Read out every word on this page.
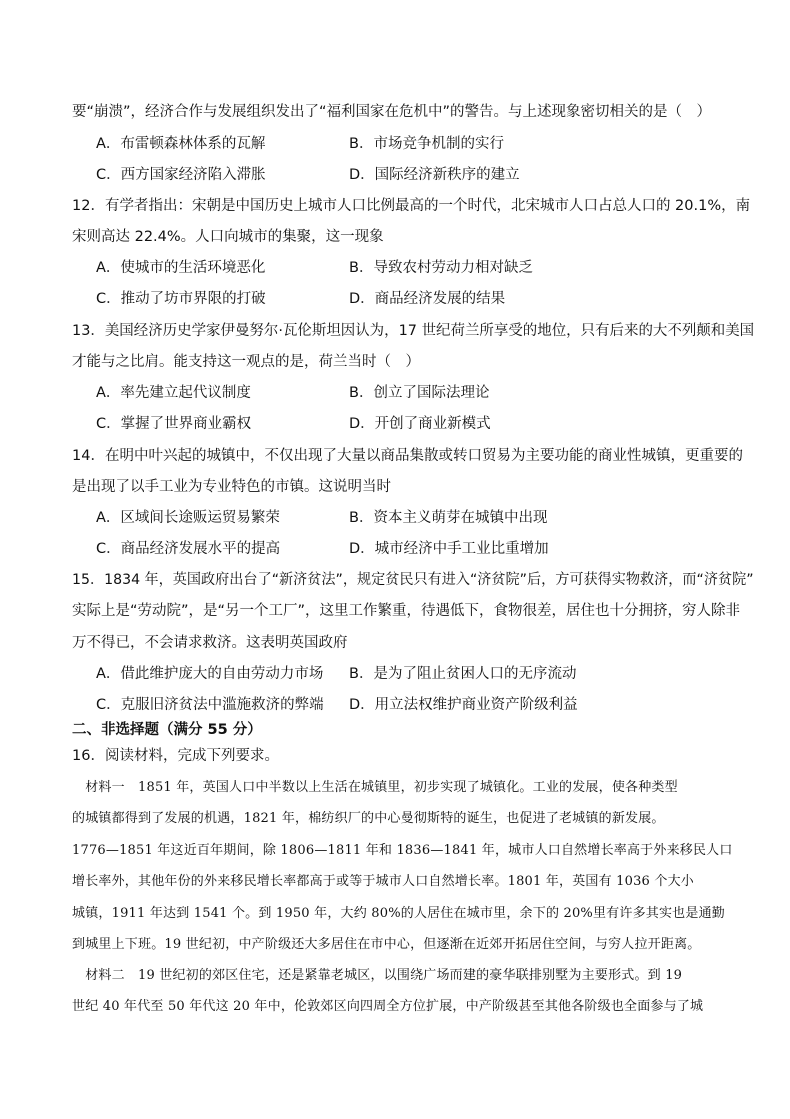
要“崩溃”，经济合作与发展组织发出了“福利国家在危机中”的警告。与上述现象密切相关的是（　）
A．布雷顿森林体系的瓦解	B．市场竞争机制的实行
C．西方国家经济陷入滞胀	D．国际经济新秩序的建立
12．有学者指出：宋朝是中国历史上城市人口比例最高的一个时代，北宋城市人口占总人口的 20.1%，南
宋则高达 22.4%。人口向城市的集聚，这一现象
A．使城市的生活环境恶化	B．导致农村劳动力相对缺乏
C．推动了坊市界限的打破	D．商品经济发展的结果
13．美国经济历史学家伊曼努尔·瓦伦斯坦因认为，17 世纪荷兰所享受的地位，只有后来的大不列颠和美国
才能与之比肩。能支持这一观点的是，荷兰当时（　）
A．率先建立起代议制度	B．创立了国际法理论
C．掌握了世界商业霸权	D．开创了商业新模式
14．在明中叶兴起的城镇中，不仅出现了大量以商品集散或转口贸易为主要功能的商业性城镇，更重要的
是出现了以手工业为专业特色的市镇。这说明当时
A．区域间长途贩运贸易繁荣	B．资本主义萌芽在城镇中出现
C．商品经济发展水平的提高	D．城市经济中手工业比重增加
15．1834 年，英国政府出台了“新济贫法”，规定贫民只有进入“济贫院”后，方可获得实物救济，而“济贫院”
实际上是“劳动院”，是“另一个工厂”，这里工作繁重，待遇低下，食物很差，居住也十分拥挤，穷人除非
万不得已，不会请求救济。这表明英国政府
A．借此维护庞大的自由劳动力市场 B．是为了阻止贫困人口的无序流动
C．克服旧济贫法中滥施救济的弊端 D．用立法权维护商业资产阶级利益
二、非选择题（满分 55 分）
16．阅读材料，完成下列要求。
　材料一　1851 年，英国人口中半数以上生活在城镇里，初步实现了城镇化。工业的发展，使各种类型
的城镇都得到了发展的机遇，1821 年，棉纺织厂的中心曼彻斯特的诞生，也促进了老城镇的新发展。
1776—1851 年这近百年期间，除 1806—1811 年和 1836—1841 年，城市人口自然增长率高于外来移民人口
增长率外，其他年份的外来移民增长率都高于或等于城市人口自然增长率。1801 年，英国有 1036 个大小
城镇，1911 年达到 1541 个。到 1950 年，大约 80%的人居住在城市里，余下的 20%里有许多其实也是通勤
到城里上下班。19 世纪初，中产阶级还大多居住在市中心，但逐渐在近郊开拓居住空间，与穷人拉开距离。
　材料二　19 世纪初的郊区住宅，还是紧靠老城区，以围绕广场而建的豪华联排别墅为主要形式。到 19
世纪 40 年代至 50 年代这 20 年中，伦敦郊区向四周全方位扩展，中产阶级甚至其他各阶级也全面参与了城
